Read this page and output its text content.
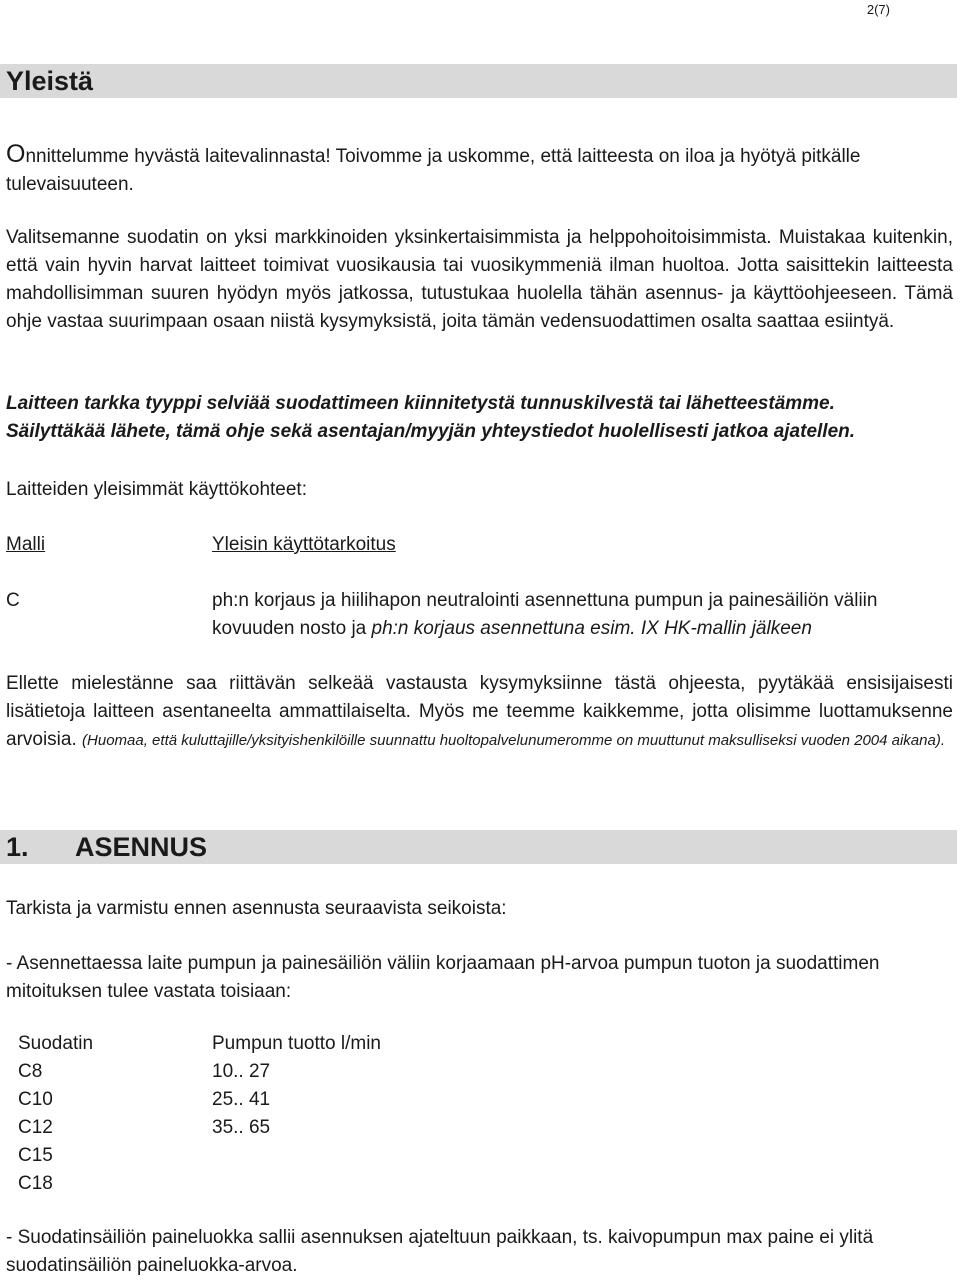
2(7)
Yleistä

Onnittelumme hyvästä laitevalinnasta! Toivomme ja uskomme, että laitteesta on iloa ja hyötyä pitkälle tulevaisuuteen.

Valitsemanne suodatin on yksi markkinoiden yksinkertaisimmista ja helppohoitoisimmista. Muistakaa kuitenkin, että vain hyvin harvat laitteet toimivat vuosikausia tai vuosikymmeniä ilman huoltoa. Jotta saisittekin laitteesta mahdollisimman suuren hyödyn myös jatkossa, tutustukaa huolella tähän asennus- ja käyttöohjeeseen. Tämä ohje vastaa suurimpaan osaan niistä kysymyksistä, joita tämän vedensuodattimen osalta saattaa esiintyä.

Laitteen tarkka tyyppi selviää suodattimeen kiinnitetystä tunnuskilvestä tai lähetteestämme.

Säilyttäkää lähete, tämä ohje sekä asentajan/myyjän yhteystiedot huolellisesti jatkoa ajatellen.

Laitteiden yleisimmät käyttökohteet:

Malli	Yleisin käyttötarkoitus

C	ph:n korjaus ja hiilihapon neutralointi asennettuna pumpun ja painesäiliön väliin

kovuuden nosto ja ph:n korjaus asennettuna esim. IX HK-mallin jälkeen

Ellette mielestänne saa riittävän selkeää vastausta kysymyksiinne tästä ohjeesta, pyytäkää ensisijaisesti lisätietoja laitteen asentaneelta ammattilaiselta. Myös me teemme kaikkemme, jotta olisimme luottamuksenne arvoisia. (Huomaa, että kuluttajille/yksityishenkilöille suunnattu huoltopalvelunumeromme on muuttunut maksulliseksi vuoden 2004 aikana).

1. ASENNUS

Tarkista ja varmistu ennen asennusta seuraavista seikoista:

- Asennettaessa laite pumpun ja painesäiliön väliin korjaamaan pH-arvoa pumpun tuoton ja suodattimen mitoituksen tulee vastata toisiaan:

Suodatin	Pumpun tuotto l/min
C8	10.. 27
C10	25.. 41
C12	35.. 65
C15	
C18	

- Suodatinsäiliön paineluokka sallii asennuksen ajateltuun paikkaan, ts. kaivopumpun max paine ei ylitä suodatinsäiliön paineluokka-arvoa.
